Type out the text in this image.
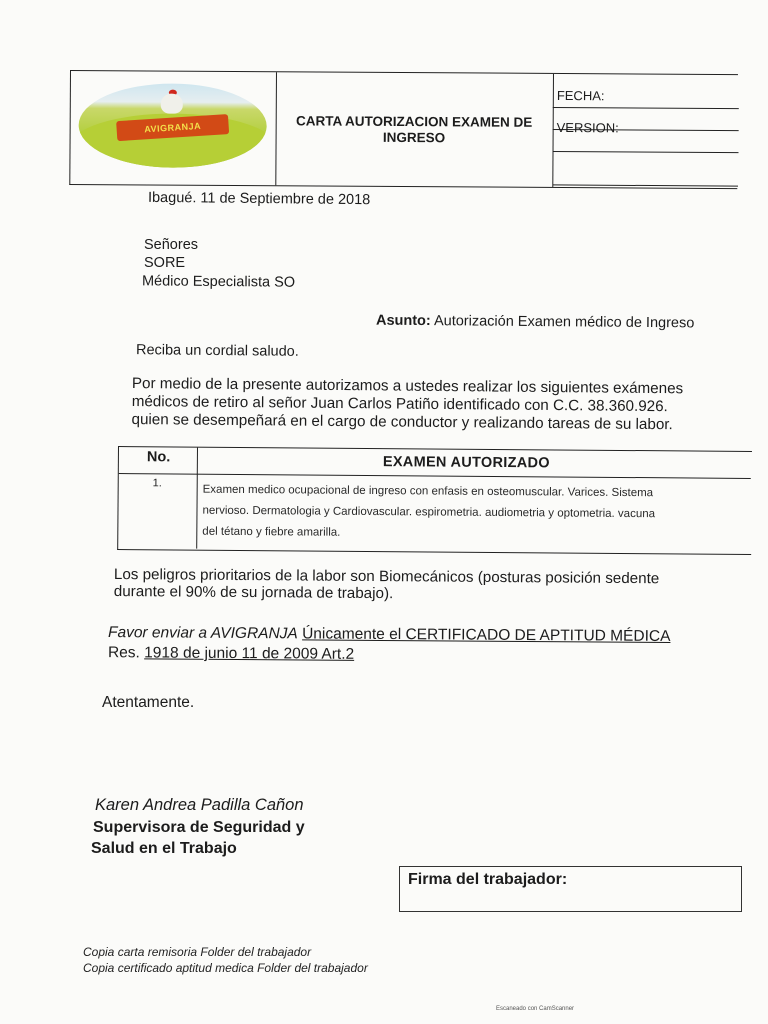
AVIGRANJA	CARTA AUTORIZACION EXAMEN DE INGRESO
FECHA:
VERSION:
Ibagué. 11 de Septiembre de 2018
Señores
SORE
Médico Especialista SO
Asunto: Autorización Examen médico de Ingreso
Reciba un cordial saludo.
Por medio de la presente autorizamos a ustedes realizar los siguientes exámenes
médicos de retiro al señor Juan Carlos Patiño identificado con C.C. 38.360.926.
quien se desempeñará en el cargo de conductor y realizando tareas de su labor.
No.	EXAMEN AUTORIZADO
1.
Examen medico ocupacional de ingreso con enfasis en osteomuscular. Varices. Sistema
nervioso. Dermatologia y Cardiovascular. espirometria. audiometria y optometria. vacuna
del tétano y fiebre amarilla.
Los peligros prioritarios de la labor son Biomecánicos (posturas posición sedente
durante el 90% de su jornada de trabajo).
Favor enviar a AVIGRANJA Únicamente el CERTIFICADO DE APTITUD MÉDICA
Res. 1918 de junio 11 de 2009 Art.2
Atentamente.
Karen Andrea Padilla Cañon
Supervisora de Seguridad y
Salud en el Trabajo
Firma del trabajador:
Copia carta remisoria Folder del trabajador
Copia certificado aptitud medica Folder del trabajador
Escaneado con CamScanner
